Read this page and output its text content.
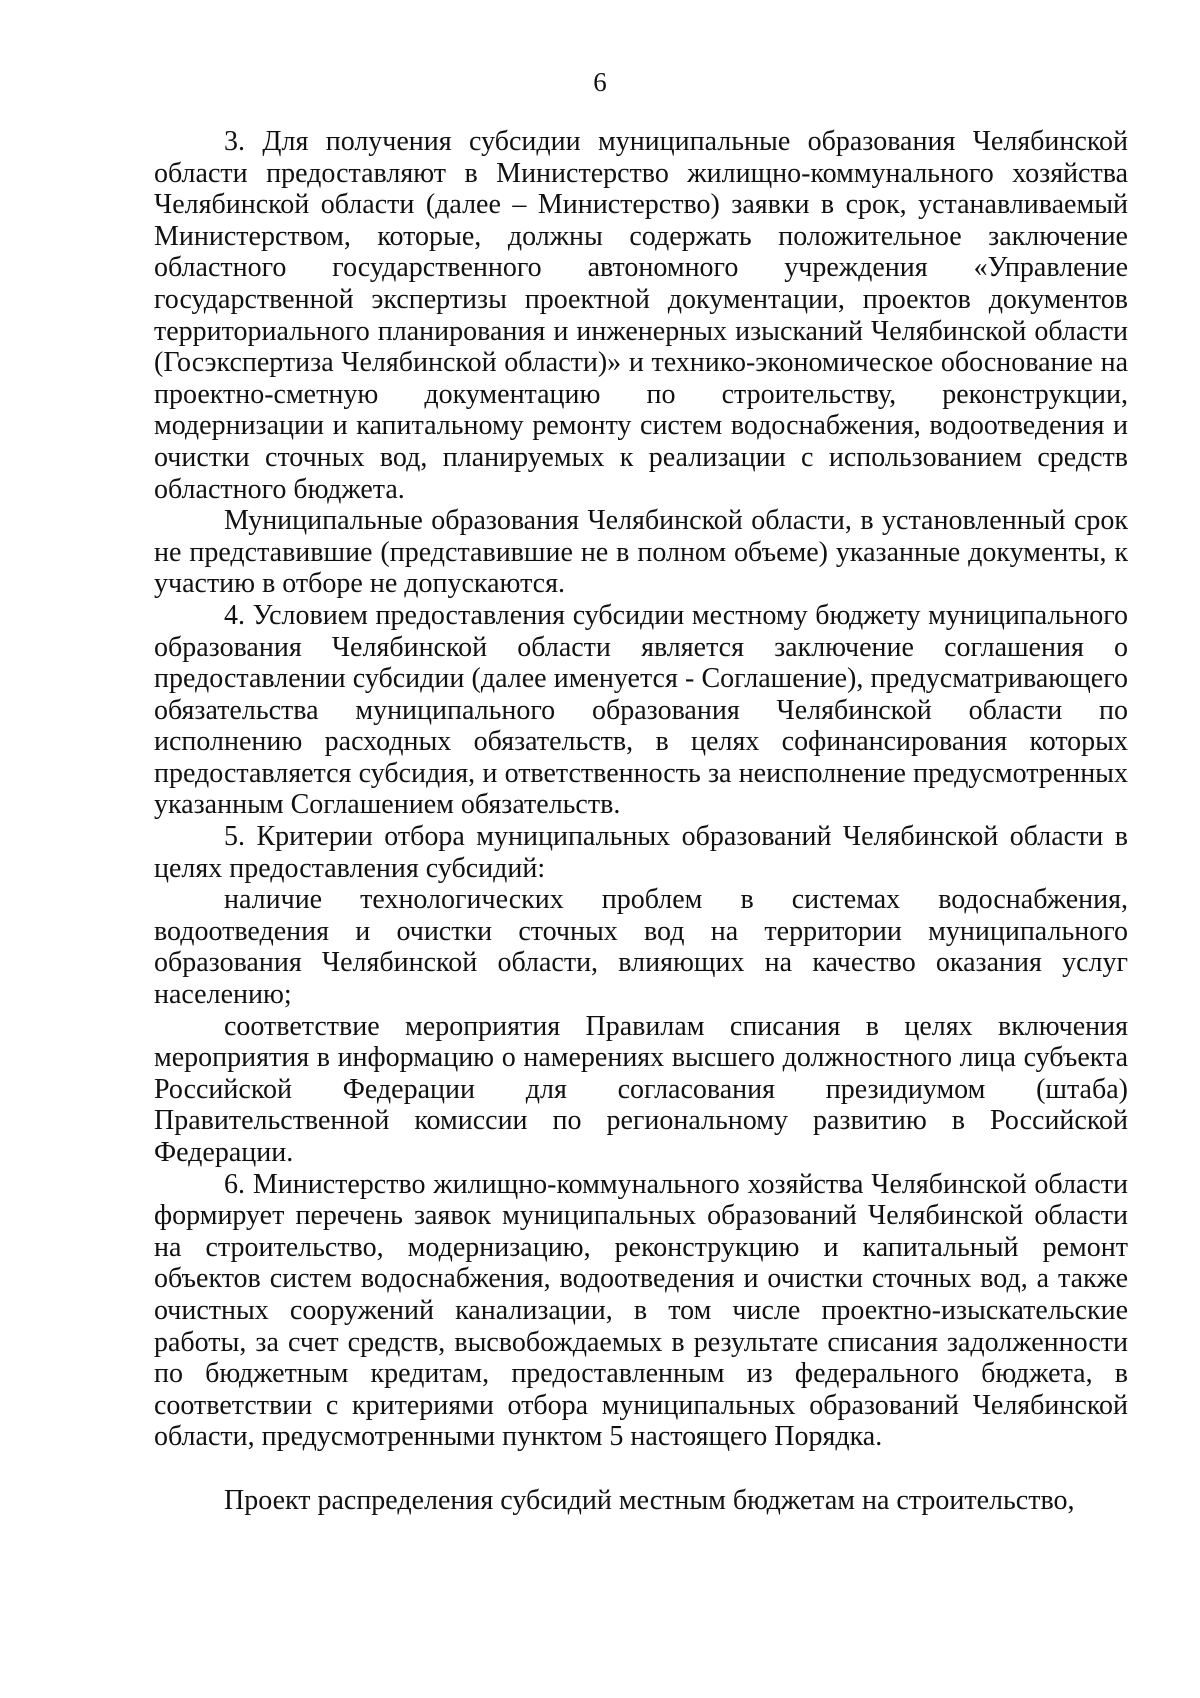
6

3. Для получения субсидии муниципальные образования Челябинской области предоставляют в Министерство жилищно-коммунального хозяйства Челябинской области (далее – Министерство) заявки в срок, устанавливаемый Министерством, которые, должны содержать положительное заключение областного государственного автономного учреждения «Управление государственной экспертизы проектной документации, проектов документов территориального планирования и инженерных изысканий Челябинской области (Госэкспертиза Челябинской области)» и технико-экономическое обоснование на проектно-сметную документацию по строительству, реконструкции, модернизации и капитальному ремонту систем водоснабжения, водоотведения и очистки сточных вод, планируемых к реализации с использованием средств областного бюджета.

Муниципальные образования Челябинской области, в установленный срок не представившие (представившие не в полном объеме) указанные документы, к участию в отборе не допускаются.

4. Условием предоставления субсидии местному бюджету муниципального образования Челябинской области является заключение соглашения о предоставлении субсидии (далее именуется - Соглашение), предусматривающего обязательства муниципального образования Челябинской области по исполнению расходных обязательств, в целях софинансирования которых предоставляется субсидия, и ответственность за неисполнение предусмотренных указанным Соглашением обязательств.

5. Критерии отбора муниципальных образований Челябинской области в целях предоставления субсидий:

наличие технологических проблем в системах водоснабжения, водоотведения и очистки сточных вод на территории муниципального образования Челябинской области, влияющих на качество оказания услуг населению;

соответствие мероприятия Правилам списания в целях включения мероприятия в информацию о намерениях высшего должностного лица субъекта Российской Федерации для согласования президиумом (штаба) Правительственной комиссии по региональному развитию в Российской Федерации.

6. Министерство жилищно-коммунального хозяйства Челябинской области формирует перечень заявок муниципальных образований Челябинской области на строительство, модернизацию, реконструкцию и капитальный ремонт объектов систем водоснабжения, водоотведения и очистки сточных вод, а также очистных сооружений канализации, в том числе проектно-изыскательские работы, за счет средств, высвобождаемых в результате списания задолженности по бюджетным кредитам, предоставленным из федерального бюджета, в соответствии с критериями отбора муниципальных образований Челябинской области, предусмотренными пунктом 5 настоящего Порядка.

Проект распределения субсидий местным бюджетам на строительство,
